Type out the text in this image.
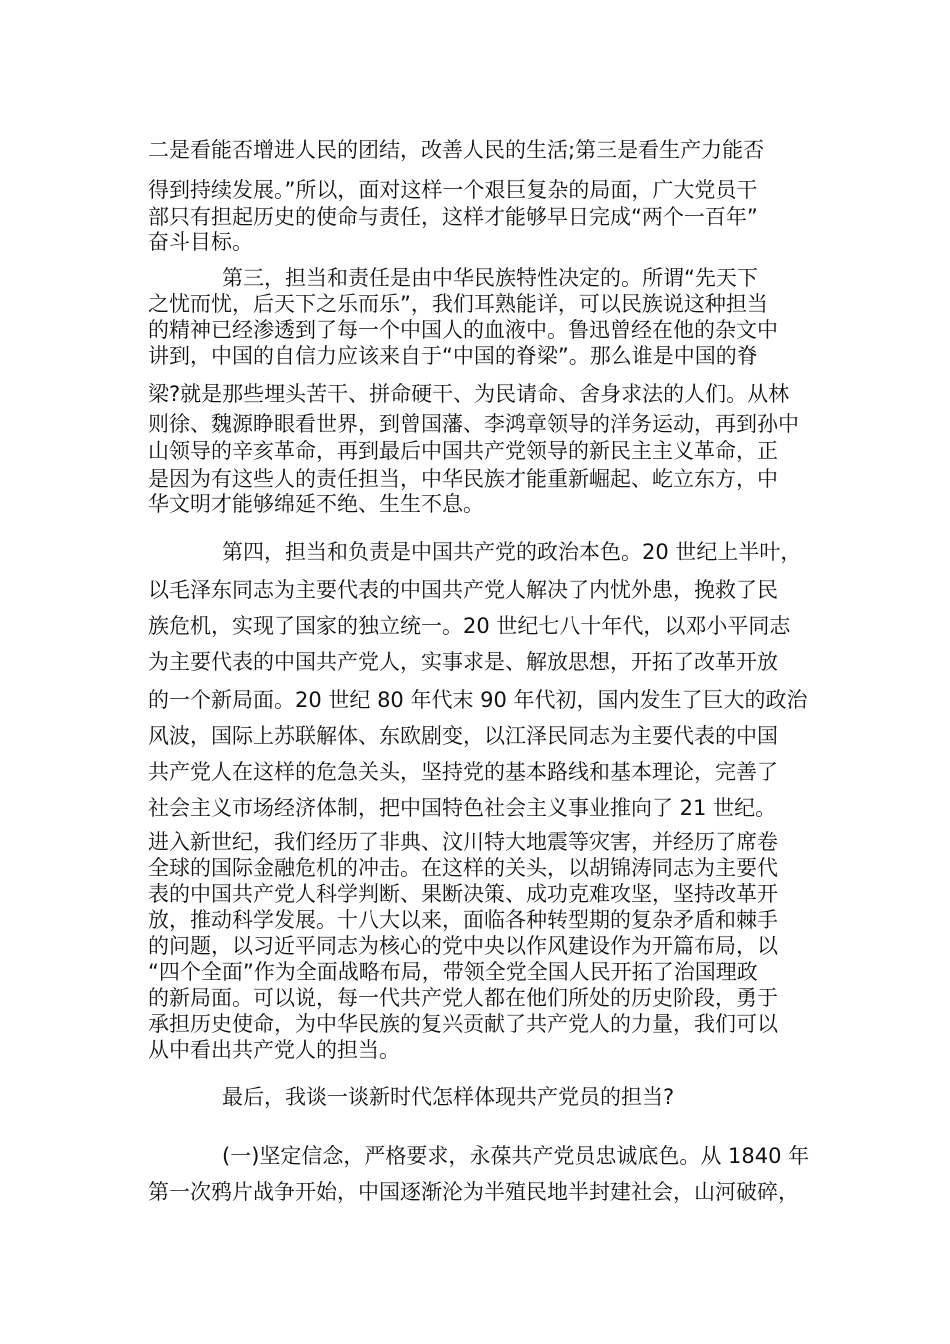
二是看能否增进人民的团结，改善人民的生活;第三是看生产力能否
得到持续发展。”所以，面对这样一个艰巨复杂的局面，广大党员干
部只有担起历史的使命与责任，这样才能够早日完成“两个一百年”
奋斗目标。
第三，担当和责任是由中华民族特性决定的。所谓“先天下
之忧而忧，后天下之乐而乐”，我们耳熟能详，可以民族说这种担当
的精神已经渗透到了每一个中国人的血液中。鲁迅曾经在他的杂文中
讲到，中国的自信力应该来自于“中国的脊梁”。那么谁是中国的脊
梁?就是那些埋头苦干、拼命硬干、为民请命、舍身求法的人们。从林
则徐、魏源睁眼看世界，到曾国藩、李鸿章领导的洋务运动，再到孙中
山领导的辛亥革命，再到最后中国共产党领导的新民主主义革命，正
是因为有这些人的责任担当，中华民族才能重新崛起、屹立东方，中
华文明才能够绵延不绝、生生不息。
第四，担当和负责是中国共产党的政治本色。20 世纪上半叶，
以毛泽东同志为主要代表的中国共产党人解决了内忧外患，挽救了民
族危机，实现了国家的独立统一。20 世纪七八十年代，以邓小平同志
为主要代表的中国共产党人，实事求是、解放思想，开拓了改革开放
的一个新局面。20 世纪 80 年代末 90 年代初，国内发生了巨大的政治
风波，国际上苏联解体、东欧剧变，以江泽民同志为主要代表的中国
共产党人在这样的危急关头，坚持党的基本路线和基本理论，完善了
社会主义市场经济体制，把中国特色社会主义事业推向了 21 世纪。
进入新世纪，我们经历了非典、汶川特大地震等灾害，并经历了席卷
全球的国际金融危机的冲击。在这样的关头，以胡锦涛同志为主要代
表的中国共产党人科学判断、果断决策、成功克难攻坚，坚持改革开
放，推动科学发展。十八大以来，面临各种转型期的复杂矛盾和棘手
的问题，以习近平同志为核心的党中央以作风建设作为开篇布局，以
“四个全面”作为全面战略布局，带领全党全国人民开拓了治国理政
的新局面。可以说，每一代共产党人都在他们所处的历史阶段，勇于
承担历史使命，为中华民族的复兴贡献了共产党人的力量，我们可以
从中看出共产党人的担当。
最后，我谈一谈新时代怎样体现共产党员的担当?
(一)坚定信念，严格要求，永葆共产党员忠诚底色。从 1840 年
第一次鸦片战争开始，中国逐渐沦为半殖民地半封建社会，山河破碎，
